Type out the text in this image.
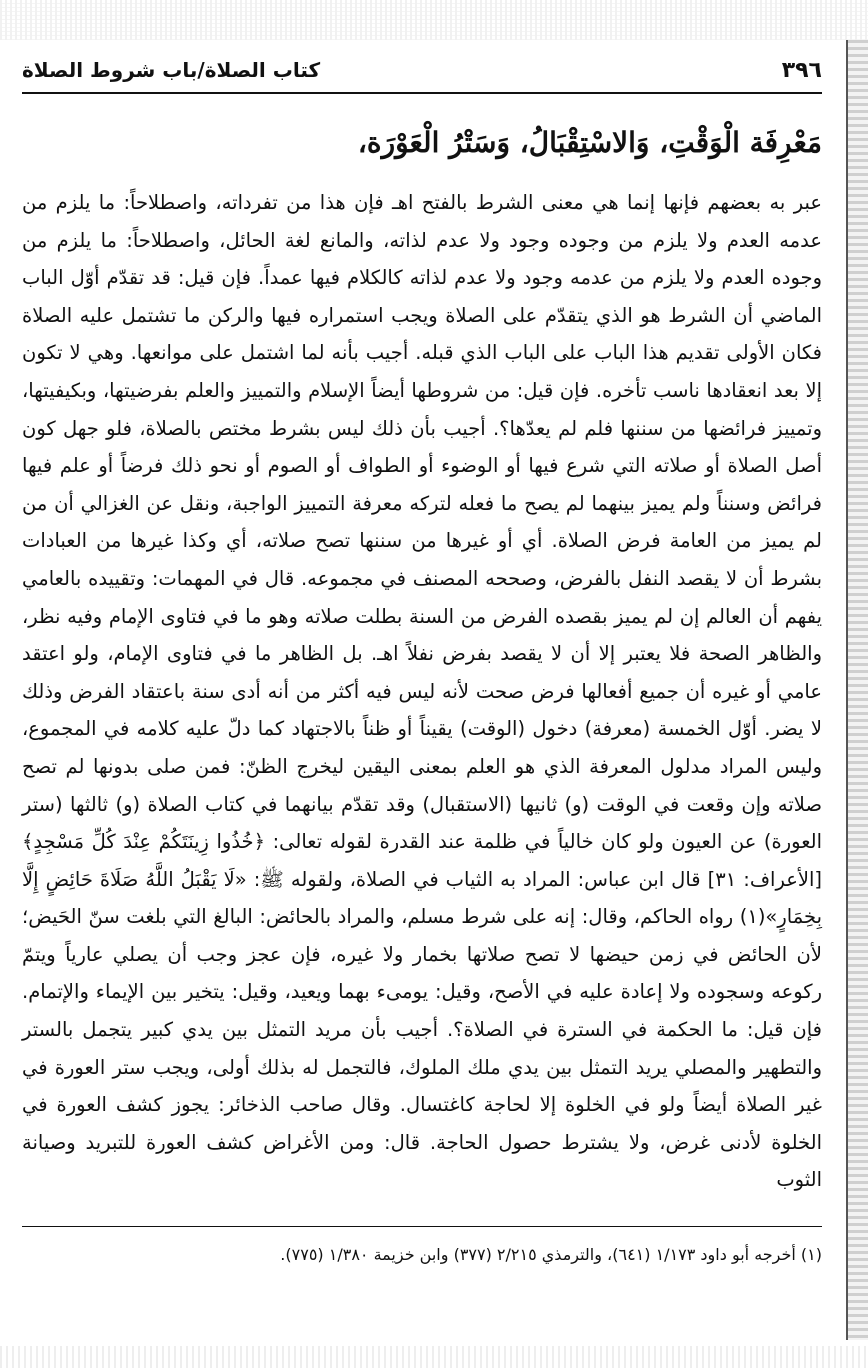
٣٩٦
كتاب الصلاة/باب شروط الصلاة
مَعْرِفَة الْوَقْتِ، وَالاسْتِقْبَالُ، وَسَتْرُ الْعَوْرَة،
عبر به بعضهم فإنها إنما هي معنى الشرط بالفتح اهـ فإن هذا من تفرداته، واصطلاحاً: ما يلزم من عدمه العدم ولا يلزم من وجوده وجود ولا عدم لذاته، والمانع لغة الحائل، واصطلاحاً: ما يلزم من وجوده العدم ولا يلزم من عدمه وجود ولا عدم لذاته كالكلام فيها عمداً. فإن قيل: قد تقدّم أوّل الباب الماضي أن الشرط هو الذي يتقدّم على الصلاة ويجب استمراره فيها والركن ما تشتمل عليه الصلاة فكان الأولى تقديم هذا الباب على الباب الذي قبله. أجيب بأنه لما اشتمل على موانعها. وهي لا تكون إلا بعد انعقادها ناسب تأخره. فإن قيل: من شروطها أيضاً الإسلام والتمييز والعلم بفرضيتها، وبكيفيتها، وتمييز فرائضها من سننها فلم لم يعدّها؟. أجيب بأن ذلك ليس بشرط مختص بالصلاة، فلو جهل كون أصل الصلاة أو صلاته التي شرع فيها أو الوضوء أو الطواف أو الصوم أو نحو ذلك فرضاً أو علم فيها فرائض وسنناً ولم يميز بينهما لم يصح ما فعله لتركه معرفة التمييز الواجبة، ونقل عن الغزالي أن من لم يميز من العامة فرض الصلاة. أي أو غيرها من سننها تصح صلاته، أي وكذا غيرها من العبادات بشرط أن لا يقصد النفل بالفرض، وصححه المصنف في مجموعه. قال في المهمات: وتقييده بالعامي يفهم أن العالم إن لم يميز بقصده الفرض من السنة بطلت صلاته وهو ما في فتاوى الإمام وفيه نظر، والظاهر الصحة فلا يعتبر إلا أن لا يقصد بفرض نفلاً اهـ. بل الظاهر ما في فتاوى الإمام، ولو اعتقد عامي أو غيره أن جميع أفعالها فرض صحت لأنه ليس فيه أكثر من أنه أدى سنة باعتقاد الفرض وذلك لا يضر. أوّل الخمسة (معرفة) دخول (الوقت) يقيناً أو ظناً بالاجتهاد كما دلّ عليه كلامه في المجموع، وليس المراد مدلول المعرفة الذي هو العلم بمعنى اليقين ليخرج الظنّ: فمن صلى بدونها لم تصح صلاته وإن وقعت في الوقت (و) ثانيها (الاستقبال) وقد تقدّم بيانهما في كتاب الصلاة (و) ثالثها (ستر العورة) عن العيون ولو كان خالياً في ظلمة عند القدرة لقوله تعالى: ﴿خُذُوا زِينَتَكُمْ عِنْدَ كُلِّ مَسْجِدٍ﴾ [الأعراف: ٣١] قال ابن عباس: المراد به الثياب في الصلاة، ولقوله ﷺ: «لَا يَقْبَلُ اللَّهُ صَلَاةَ حَائِضٍ إِلَّا بِخِمَارٍ»(١) رواه الحاكم، وقال: إنه على شرط مسلم، والمراد بالحائض: البالغ التي بلغت سنّ الحَيض؛ لأن الحائض في زمن حيضها لا تصح صلاتها بخمار ولا غيره، فإن عجز وجب أن يصلي عارياً ويتمّ ركوعه وسجوده ولا إعادة عليه في الأصح، وقيل: يومىء بهما ويعيد، وقيل: يتخير بين الإيماء والإتمام. فإن قيل: ما الحكمة في السترة في الصلاة؟. أجيب بأن مريد التمثل بين يدي كبير يتجمل بالستر والتطهير والمصلي يريد التمثل بين يدي ملك الملوك، فالتجمل له بذلك أولى، ويجب ستر العورة في غير الصلاة أيضاً ولو في الخلوة إلا لحاجة كاغتسال. وقال صاحب الذخائر: يجوز كشف العورة في الخلوة لأدنى غرض، ولا يشترط حصول الحاجة. قال: ومن الأغراض كشف العورة للتبريد وصيانة الثوب
(١) أخرجه أبو داود ١/١٧٣ (٦٤١)، والترمذي ٢/٢١٥ (٣٧٧) وابن خزيمة ١/٣٨٠ (٧٧٥).
